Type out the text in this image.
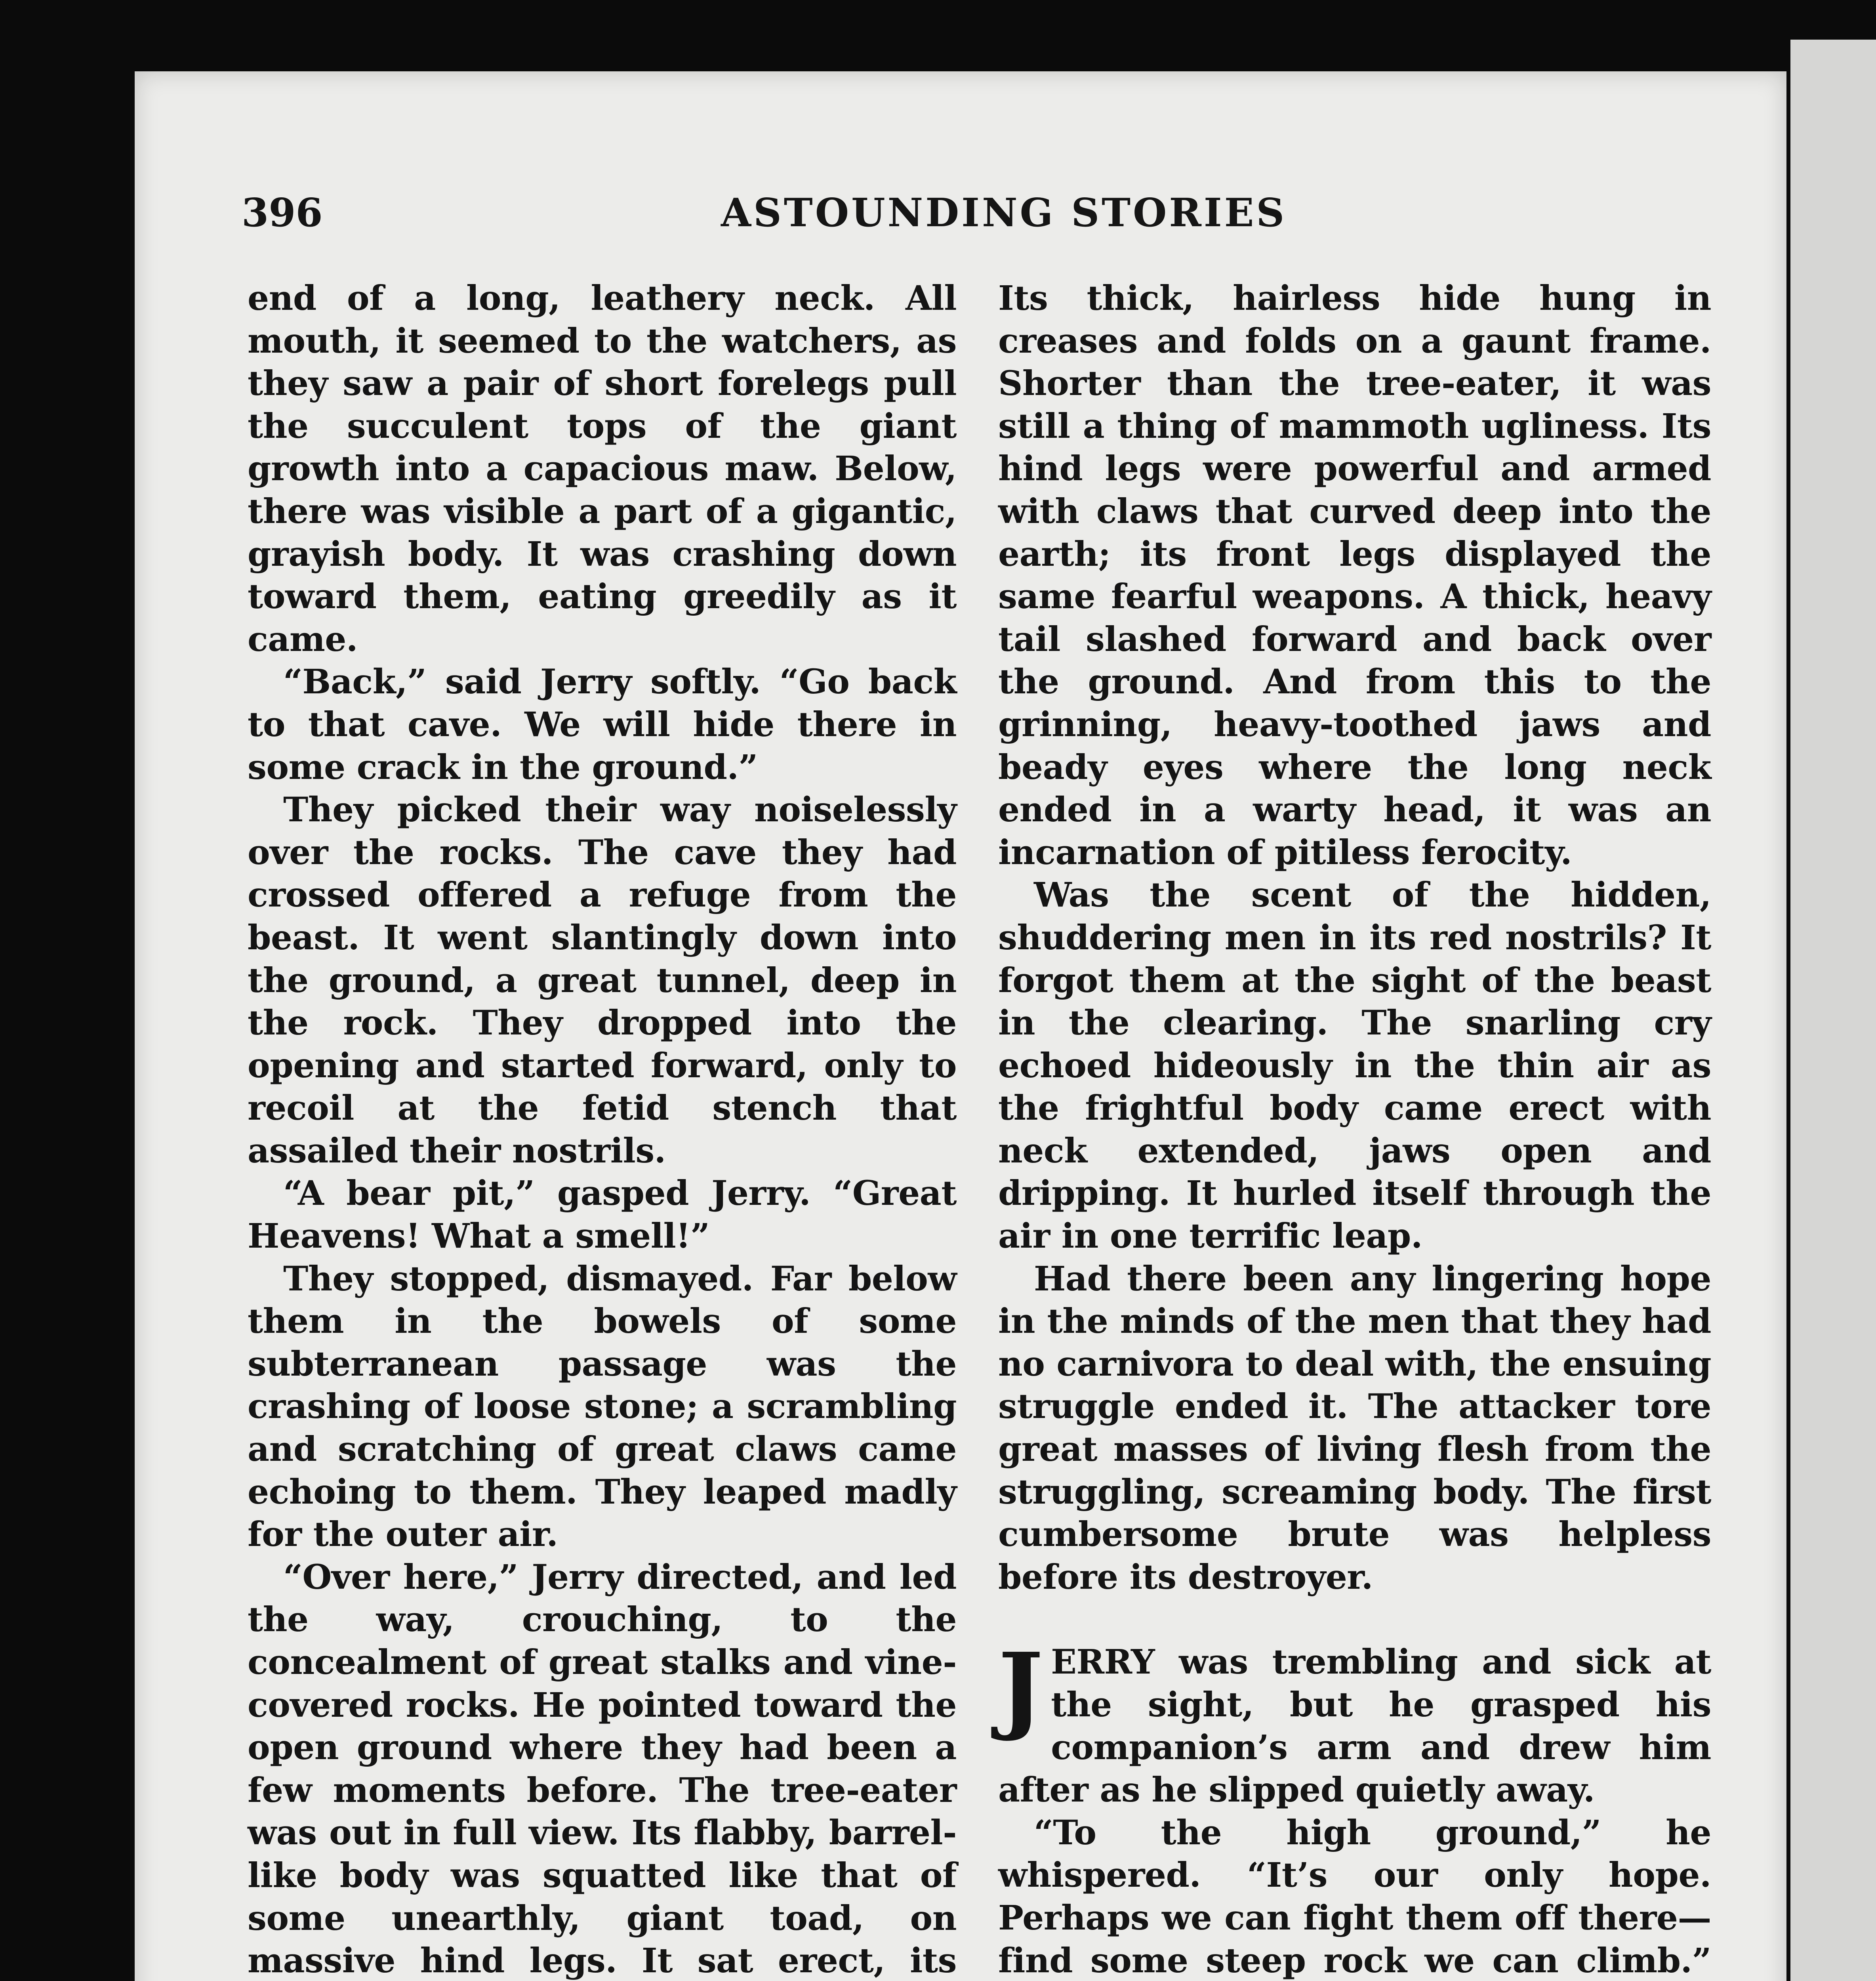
396	ASTOUNDING STORIES

end of a long, leathery neck. All mouth, it seemed to the watchers, as they saw a pair of short forelegs pull the succulent tops of the giant growth into a capacious maw. Below, there was visible a part of a gigantic, grayish body. It was crashing down toward them, eating greedily as it came.

“Back,” said Jerry softly. “Go back to that cave. We will hide there in some crack in the ground.”

They picked their way noiselessly over the rocks. The cave they had crossed offered a refuge from the beast. It went slantingly down into the ground, a great tunnel, deep in the rock. They dropped into the opening and started forward, only to recoil at the fetid stench that assailed their nostrils.

“A bear pit,” gasped Jerry. “Great Heavens! What a smell!”

They stopped, dismayed. Far below them in the bowels of some subterranean passage was the crashing of loose stone; a scrambling and scratching of great claws came echoing to them. They leaped madly for the outer air.

“Over here,” Jerry directed, and led the way, crouching, to the concealment of great stalks and vine-covered rocks. He pointed toward the open ground where they had been a few moments before. The tree-eater was out in full view. Its flabby, barrel-like body was squatted like that of some unearthly, giant toad, on massive hind legs. It sat erect, its

Its thick, hairless hide hung in creases and folds on a gaunt frame. Shorter than the tree-eater, it was still a thing of mammoth ugliness. Its hind legs were powerful and armed with claws that curved deep into the earth; its front legs displayed the same fearful weapons. A thick, heavy tail slashed forward and back over the ground. And from this to the grinning, heavy-toothed jaws and beady eyes where the long neck ended in a warty head, it was an incarnation of pitiless ferocity.

Was the scent of the hidden, shuddering men in its red nostrils? It forgot them at the sight of the beast in the clearing. The snarling cry echoed hideously in the thin air as the frightful body came erect with neck extended, jaws open and dripping. It hurled itself through the air in one terrific leap.

Had there been any lingering hope in the minds of the men that they had no carnivora to deal with, the ensuing struggle ended it. The attacker tore great masses of living flesh from the struggling, screaming body. The first cumbersome brute was helpless before its destroyer.

JERRY was trembling and sick at the sight, but he grasped his companion’s arm and drew him after as he slipped quietly away.

“To the high ground,” he whispered. “It’s our only hope. Perhaps we can fight them off there—find some steep rock we can climb.”
